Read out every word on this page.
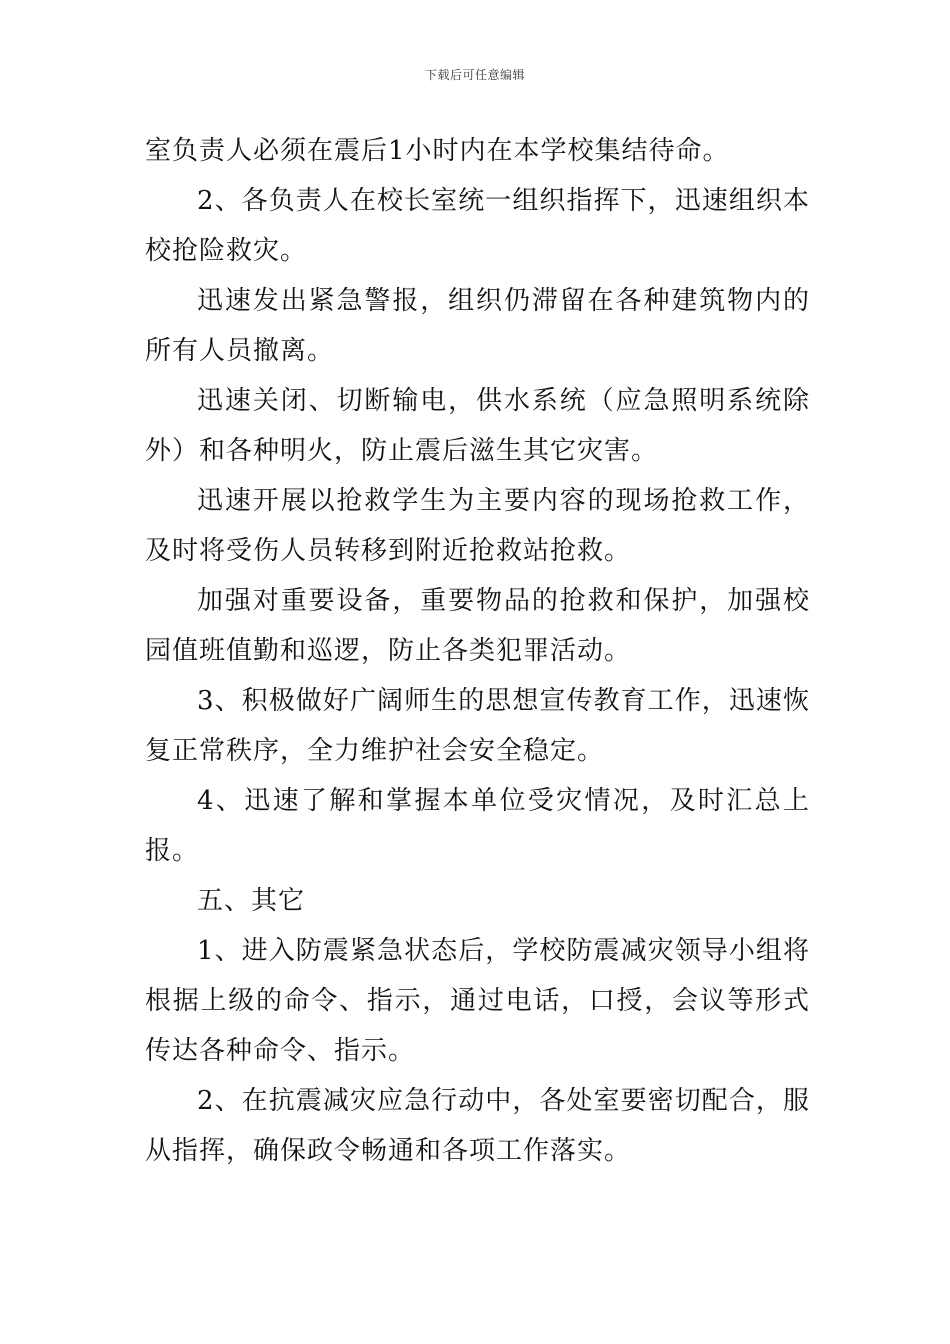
下载后可任意编辑

室负责人必须在震后1小时内在本学校集结待命。

2、各负责人在校长室统一组织指挥下，迅速组织本校抢险救灾。

迅速发出紧急警报，组织仍滞留在各种建筑物内的所有人员撤离。

迅速关闭、切断输电，供水系统（应急照明系统除外）和各种明火，防止震后滋生其它灾害。

迅速开展以抢救学生为主要内容的现场抢救工作，及时将受伤人员转移到附近抢救站抢救。

加强对重要设备，重要物品的抢救和保护，加强校园值班值勤和巡逻，防止各类犯罪活动。

3、积极做好广阔师生的思想宣传教育工作，迅速恢复正常秩序，全力维护社会安全稳定。

4、迅速了解和掌握本单位受灾情况，及时汇总上报。

五、其它

1、进入防震紧急状态后，学校防震减灾领导小组将根据上级的命令、指示，通过电话，口授，会议等形式传达各种命令、指示。

2、在抗震减灾应急行动中，各处室要密切配合，服从指挥，确保政令畅通和各项工作落实。
